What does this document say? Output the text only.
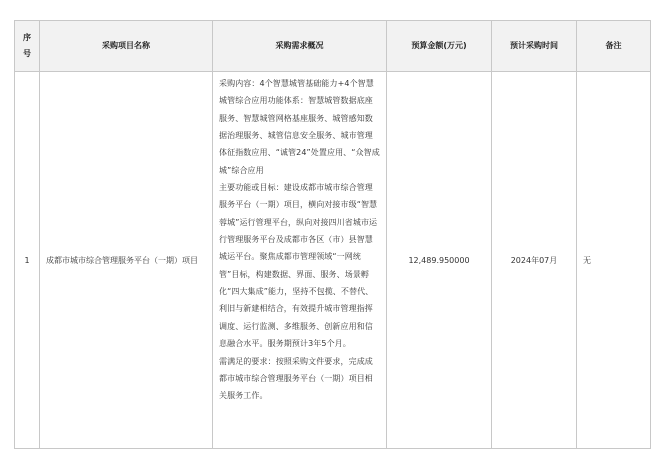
序
号	采购项目名称	采购需求概况	预算金额(万元)	预计采购时间	备注
1	成都市城市综合管理服务平台（一期）项目	采购内容：4个智慧城管基础能力+4个智慧城管综合应用功能体系：智慧城管数据底座服务、智慧城管网格基座服务、城管感知数据治理服务、城管信息安全服务、城市管理体征指数应用、“诚管24”处置应用、“众智成城”综合应用

主要功能或目标：建设成都市城市综合管理服务平台（一期）项目，横向对接市级“智慧蓉城”运行管理平台，纵向对接四川省城市运行管理服务平台及成都市各区（市）县智慧城运平台。聚焦成都市管理领域“一网统管”目标，构建数据、界面、服务、场景孵化“四大集成”能力，坚持不包揽、不替代、利旧与新建相结合，有效提升城市管理指挥调度、运行监测、多维服务、创新应用和信息融合水平。服务期预计3年5个月。

需满足的要求：按照采购文件要求，完成成都市城市综合管理服务平台（一期）项目相关服务工作。	12,489.950000	2024年07月	无
